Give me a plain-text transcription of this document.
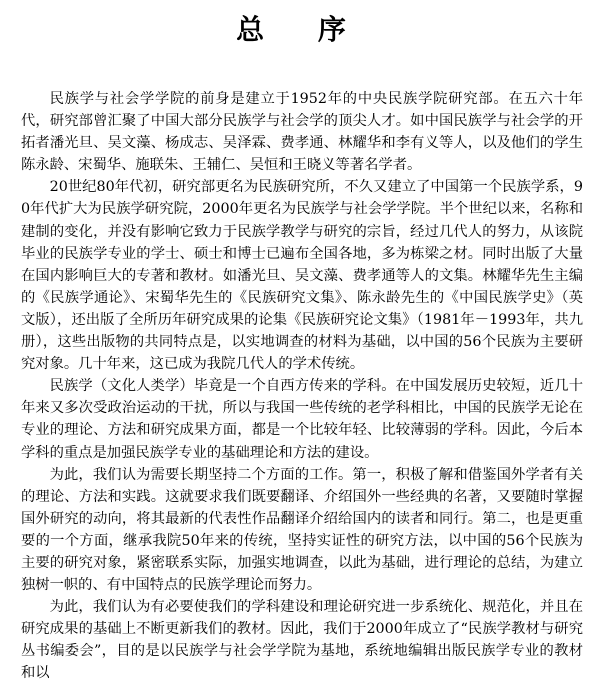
总 序

民族学与社会学学院的前身是建立于1952年的中央民族学院研究部。在五六十年代，研究部曾汇聚了中国大部分民族学与社会学的顶尖人才。如中国民族学与社会学的开拓者潘光旦、吴文藻、杨成志、吴泽霖、费孝通、林耀华和李有义等人，以及他们的学生陈永龄、宋蜀华、施联朱、王辅仁、吴恒和王晓义等著名学者。

20世纪80年代初，研究部更名为民族研究所，不久又建立了中国第一个民族学系，90年代扩大为民族学研究院，2000年更名为民族学与社会学学院。半个世纪以来，名称和建制的变化，并没有影响它致力于民族学教学与研究的宗旨，经过几代人的努力，从该院毕业的民族学专业的学士、硕士和博士已遍布全国各地，多为栋梁之材。同时出版了大量在国内影响巨大的专著和教材。如潘光旦、吴文藻、费孝通等人的文集。林耀华先生主编的《民族学通论》、宋蜀华先生的《民族研究文集》、陈永龄先生的《中国民族学史》（英文版），还出版了全所历年研究成果的论集《民族研究论文集》（1981年－1993年，共九册），这些出版物的共同特点是，以实地调查的材料为基础，以中国的56个民族为主要研究对象。几十年来，这已成为我院几代人的学术传统。

民族学（文化人类学）毕竟是一个自西方传来的学科。在中国发展历史较短，近几十年来又多次受政治运动的干扰，所以与我国一些传统的老学科相比，中国的民族学无论在专业的理论、方法和研究成果方面，都是一个比较年轻、比较薄弱的学科。因此，今后本学科的重点是加强民族学专业的基础理论和方法的建设。

为此，我们认为需要长期坚持二个方面的工作。第一，积极了解和借鉴国外学者有关的理论、方法和实践。这就要求我们既要翻译、介绍国外一些经典的名著，又要随时掌握国外研究的动向，将其最新的代表性作品翻译介绍给国内的读者和同行。第二，也是更重要的一个方面，继承我院50年来的传统，坚持实证性的研究方法，以中国的56个民族为主要的研究对象，紧密联系实际，加强实地调查，以此为基础，进行理论的总结，为建立独树一帜的、有中国特点的民族学理论而努力。

为此，我们认为有必要使我们的学科建设和理论研究进一步系统化、规范化，并且在研究成果的基础上不断更新我们的教材。因此，我们于2000年成立了“民族学教材与研究丛书编委会”，目的是以民族学与社会学学院为基地，系统地编辑出版民族学专业的教材和以
